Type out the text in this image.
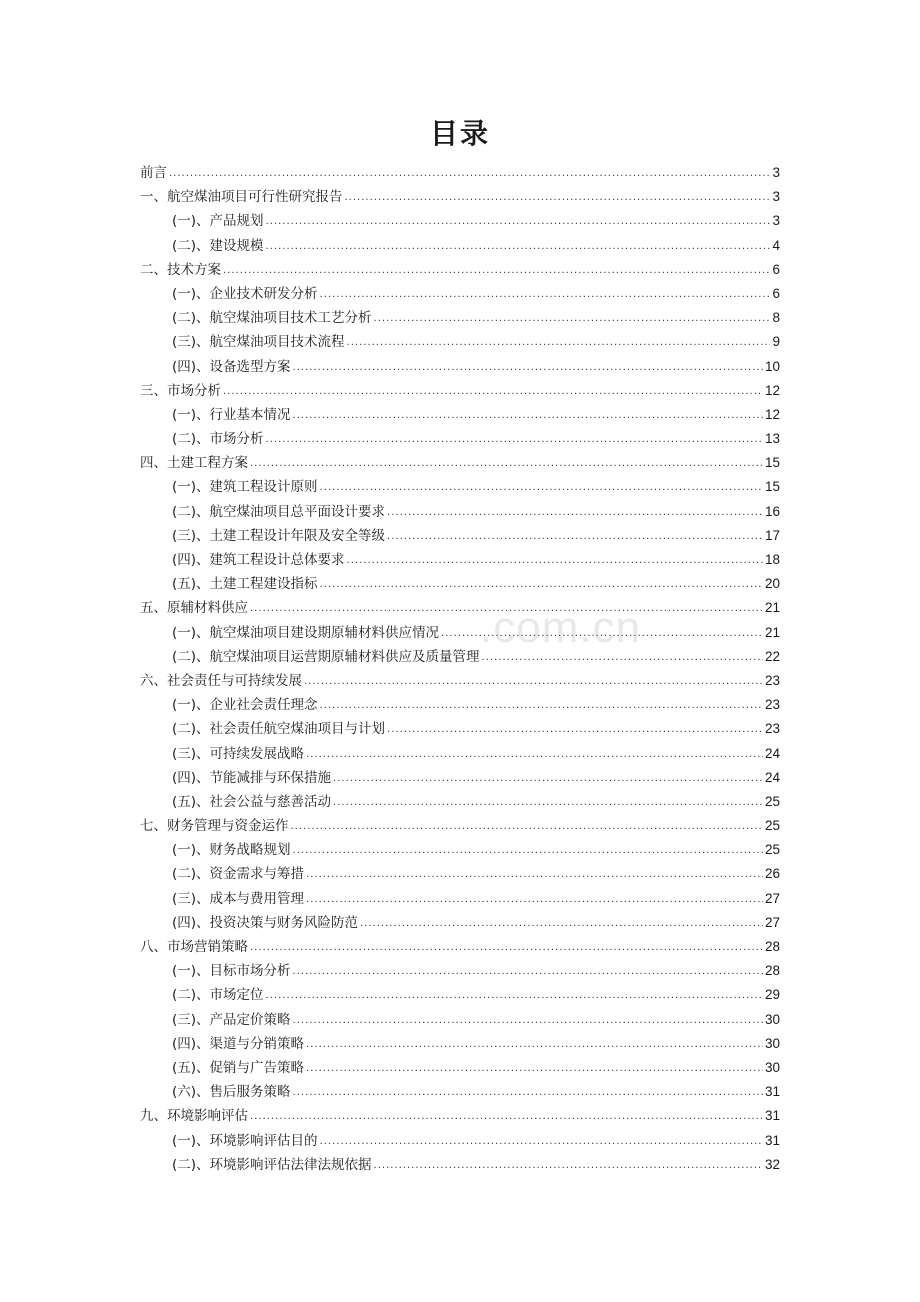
目录
前言 .....	3
一、航空煤油项目可行性研究报告 .....	3
(一)、产品规划 .....	3
(二)、建设规模 .....	4
二、技术方案 .....	6
(一)、企业技术研发分析 .....	6
(二)、航空煤油项目技术工艺分析 .....	8
(三)、航空煤油项目技术流程 .....	9
(四)、设备选型方案 .....	10
三、市场分析 .....	12
(一)、行业基本情况 .....	12
(二)、市场分析 .....	13
四、土建工程方案 .....	15
(一)、建筑工程设计原则 .....	15
(二)、航空煤油项目总平面设计要求 .....	16
(三)、土建工程设计年限及安全等级 .....	17
(四)、建筑工程设计总体要求 .....	18
(五)、土建工程建设指标 .....	20
五、原辅材料供应 .....	21
(一)、航空煤油项目建设期原辅材料供应情况 .....	21
(二)、航空煤油项目运营期原辅材料供应及质量管理 .....	22
六、社会责任与可持续发展 .....	23
(一)、企业社会责任理念 .....	23
(二)、社会责任航空煤油项目与计划 .....	23
(三)、可持续发展战略 .....	24
(四)、节能减排与环保措施 .....	24
(五)、社会公益与慈善活动 .....	25
七、财务管理与资金运作 .....	25
(一)、财务战略规划 .....	25
(二)、资金需求与筹措 .....	26
(三)、成本与费用管理 .....	27
(四)、投资决策与财务风险防范 .....	27
八、市场营销策略 .....	28
(一)、目标市场分析 .....	28
(二)、市场定位 .....	29
(三)、产品定价策略 .....	30
(四)、渠道与分销策略 .....	30
(五)、促销与广告策略 .....	30
(六)、售后服务策略 .....	31
九、环境影响评估 .....	31
(一)、环境影响评估目的 .....	31
(二)、环境影响评估法律法规依据 .....	32
.com.cn
